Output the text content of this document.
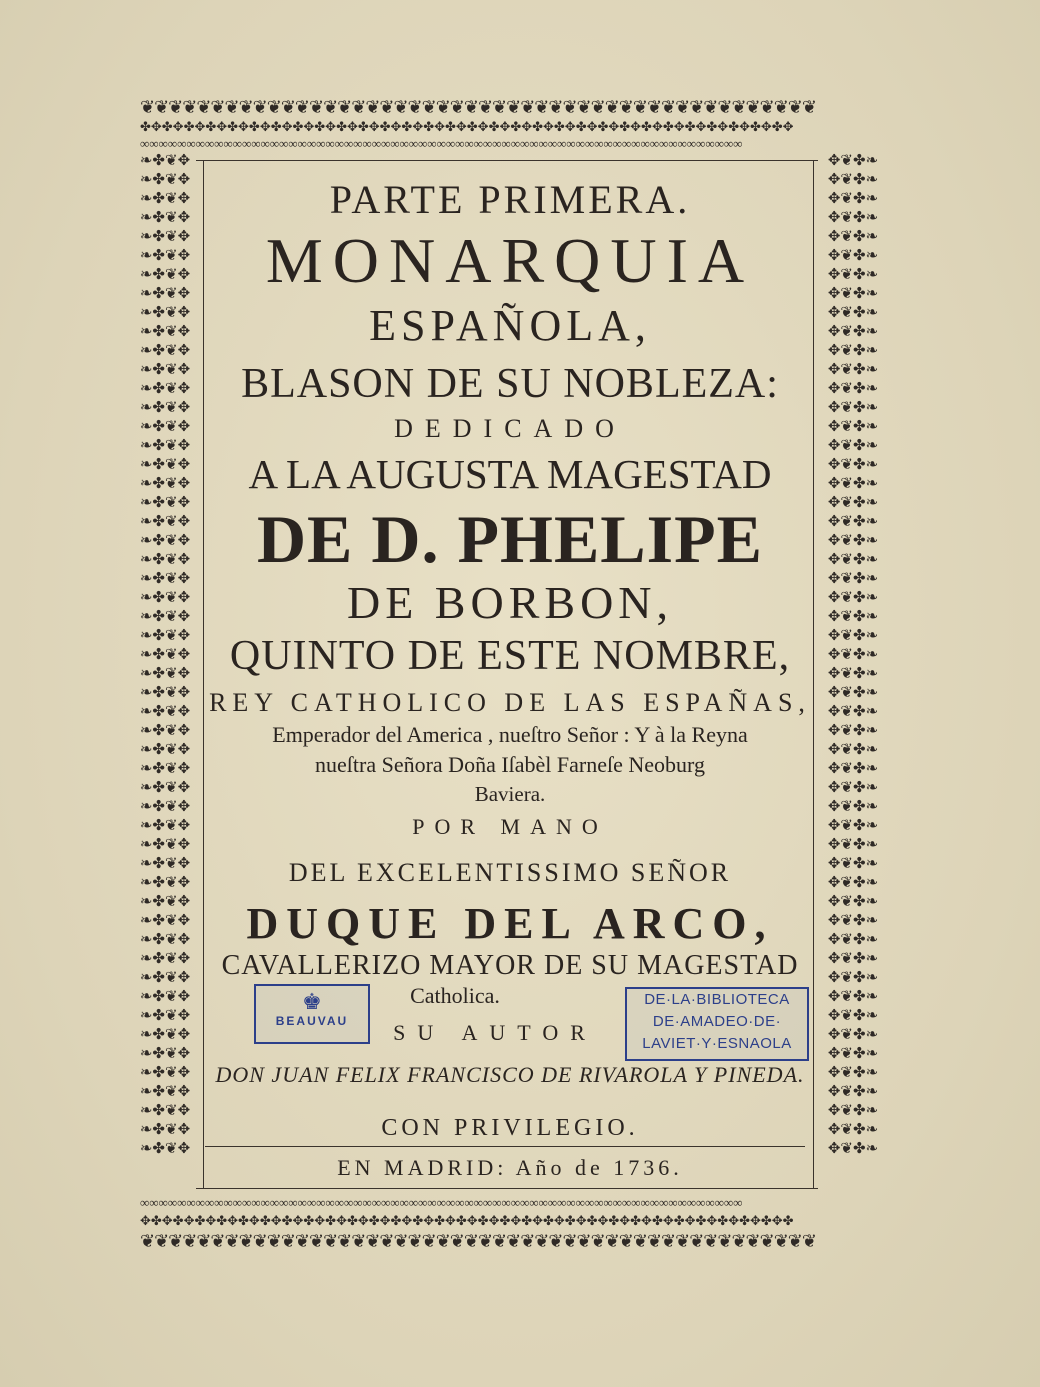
❦❦❦❦❦❦❦❦❦❦❦❦❦❦❦❦❦❦❦❦❦❦❦❦❦❦❦❦❦❦❦❦❦❦❦❦❦❦❦❦❦❦❦❦❦❦❦❦
✤✥✤✥✤✥✤✥✤✥✤✥✤✥✤✥✤✥✤✥✤✥✤✥✤✥✤✥✤✥✤✥✤✥✤✥✤✥✤✥✤✥✤✥✤✥✤✥✤✥✤✥✤✥✤✥✤✥✤✥
∞∞∞∞∞∞∞∞∞∞∞∞∞∞∞∞∞∞∞∞∞∞∞∞∞∞∞∞∞∞∞∞∞∞∞∞∞∞∞∞∞∞∞∞∞∞∞∞∞∞∞∞∞∞∞∞∞∞∞∞∞∞∞∞∞
❧✤❦✥❧✤❦✥❧✤❦✥❧✤❦✥❧✤❦✥❧✤❦✥❧✤❦✥❧✤❦✥❧✤❦✥❧✤❦✥❧✤❦✥❧✤❦✥❧✤❦✥❧✤❦✥❧✤❦✥❧✤❦✥❧✤❦✥❧✤❦✥❧✤❦✥❧✤❦✥❧✤❦✥❧✤❦✥❧✤❦✥❧✤❦✥❧✤❦✥❧✤❦✥❧✤❦✥❧✤❦✥❧✤❦✥❧✤❦✥❧✤❦✥❧✤❦✥❧✤❦✥❧✤❦✥❧✤❦✥❧✤❦✥❧✤❦✥❧✤❦✥❧✤❦✥❧✤❦✥❧✤❦✥❧✤❦✥❧✤❦✥❧✤❦✥❧✤❦✥❧✤❦✥❧✤❦✥❧✤❦✥❧✤❦✥❧✤❦✥❧✤❦✥❧✤❦✥❧✤❦✥
✥❦✤❧✥❦✤❧✥❦✤❧✥❦✤❧✥❦✤❧✥❦✤❧✥❦✤❧✥❦✤❧✥❦✤❧✥❦✤❧✥❦✤❧✥❦✤❧✥❦✤❧✥❦✤❧✥❦✤❧✥❦✤❧✥❦✤❧✥❦✤❧✥❦✤❧✥❦✤❧✥❦✤❧✥❦✤❧✥❦✤❧✥❦✤❧✥❦✤❧✥❦✤❧✥❦✤❧✥❦✤❧✥❦✤❧✥❦✤❧✥❦✤❧✥❦✤❧✥❦✤❧✥❦✤❧✥❦✤❧✥❦✤❧✥❦✤❧✥❦✤❧✥❦✤❧✥❦✤❧✥❦✤❧✥❦✤❧✥❦✤❧✥❦✤❧✥❦✤❧✥❦✤❧✥❦✤❧✥❦✤❧✥❦✤❧✥❦✤❧✥❦✤❧✥❦✤❧✥❦✤❧
∞∞∞∞∞∞∞∞∞∞∞∞∞∞∞∞∞∞∞∞∞∞∞∞∞∞∞∞∞∞∞∞∞∞∞∞∞∞∞∞∞∞∞∞∞∞∞∞∞∞∞∞∞∞∞∞∞∞∞∞∞∞∞∞∞
✥✤✥✤✥✤✥✤✥✤✥✤✥✤✥✤✥✤✥✤✥✤✥✤✥✤✥✤✥✤✥✤✥✤✥✤✥✤✥✤✥✤✥✤✥✤✥✤✥✤✥✤✥✤✥✤✥✤✥✤
❦❦❦❦❦❦❦❦❦❦❦❦❦❦❦❦❦❦❦❦❦❦❦❦❦❦❦❦❦❦❦❦❦❦❦❦❦❦❦❦❦❦❦❦❦❦❦❦
PARTE PRIMERA.
MONARQUIA
ESPAÑOLA,
BLASON DE SU NOBLEZA:
DEDICADO
A LA AUGUSTA MAGESTAD
DE D. PHELIPE
DE BORBON,
QUINTO DE ESTE NOMBRE,
REY CATHOLICO DE LAS ESPAÑAS,
Emperador del America , nueſtro Señor : Y à la Reyna
nueſtra Señora Doña Iſabèl Farneſe Neoburg
Baviera.
POR MANO
DEL EXCELENTISSIMO SEÑOR
DUQUE DEL ARCO,
CAVALLERIZO MAYOR DE SU MAGESTAD
Catholica.
SU AUTOR
DON JUAN FELIX FRANCISCO DE RIVAROLA Y PINEDA.
CON PRIVILEGIO.
EN MADRID: Año de 1736.
♚
BEAUVAU
DE·LA·BIBLIOTECA
DE·AMADEO·DE·
LAVIET·Y·ESNAOLA
